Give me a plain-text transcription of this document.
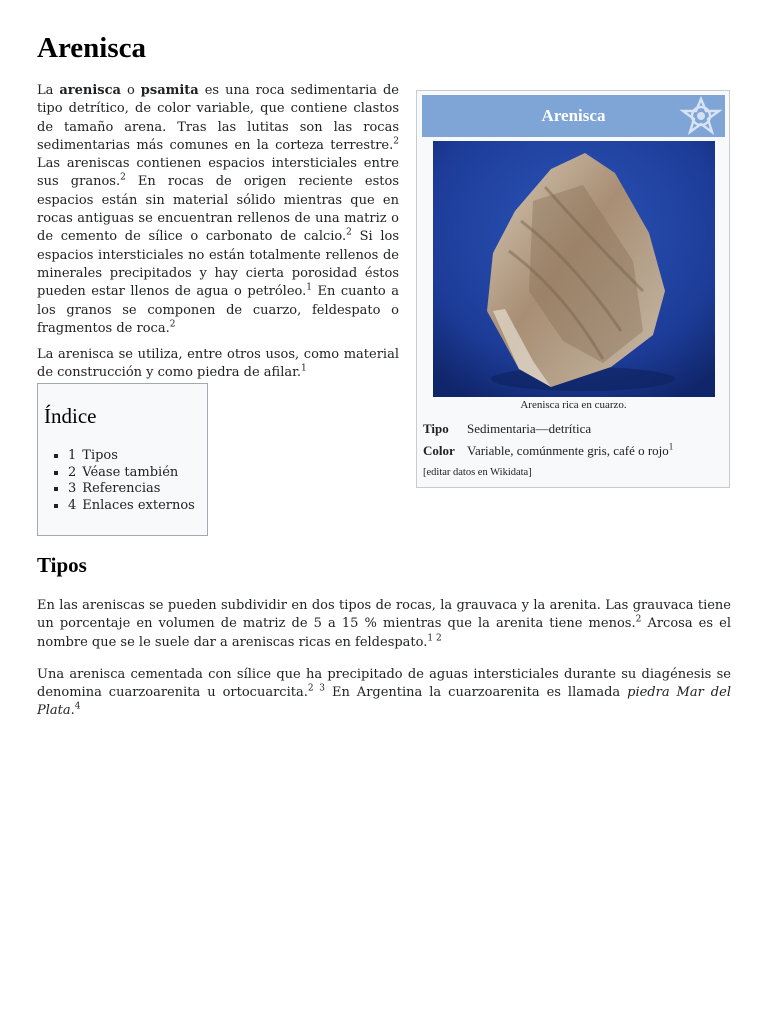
Arenisca

La arenisca o psamita es una roca sedimentaria de tipo detrítico, de color variable, que contiene clastos de tamaño arena. Tras las lutitas son las rocas sedimentarias más comunes en la corteza terrestre.$^2$ Las areniscas contienen espacios intersticiales entre sus granos.$^2$ En rocas de origen reciente estos espacios están sin material sólido mientras que en rocas antiguas se encuentran rellenos de una matriz o de cemento de sílice o carbonato de calcio.$^2$ Si los espacios intersticiales no están totalmente rellenos de minerales precipitados y hay cierta porosidad éstos pueden estar llenos de agua o petróleo.$^1$ En cuanto a los granos se componen de cuarzo, feldespato o fragmentos de roca.$^2$

La arenisca se utiliza, entre otros usos, como material de construcción y como piedra de afilar.$^1$

Arenisca
Arenisca rica en cuarzo.
Tipo Sedimentaria—detrítica
Color Variable, comúnmente gris, café o rojo$^1$
[editar datos en Wikidata]
Índice
▪ 1 Tipos
▪ 2 Véase también
▪ 3 Referencias
▪ 4 Enlaces externos
Tipos

En las areniscas se pueden subdividir en dos tipos de rocas, la grauvaca y la arenita. Las grauvaca tiene un porcentaje en volumen de matriz de 5 a 15 % mientras que la arenita tiene menos.$^2$ Arcosa es el nombre que se le suele dar a areniscas ricas en feldespato.$^{1 2}$

Una arenisca cementada con sílice que ha precipitado de aguas intersticiales durante su diagénesis se denomina cuarzoarenita u ortocuarcita.$^{2 3}$ En Argentina la cuarzoarenita es llamada piedra Mar del Plata.$^4$
